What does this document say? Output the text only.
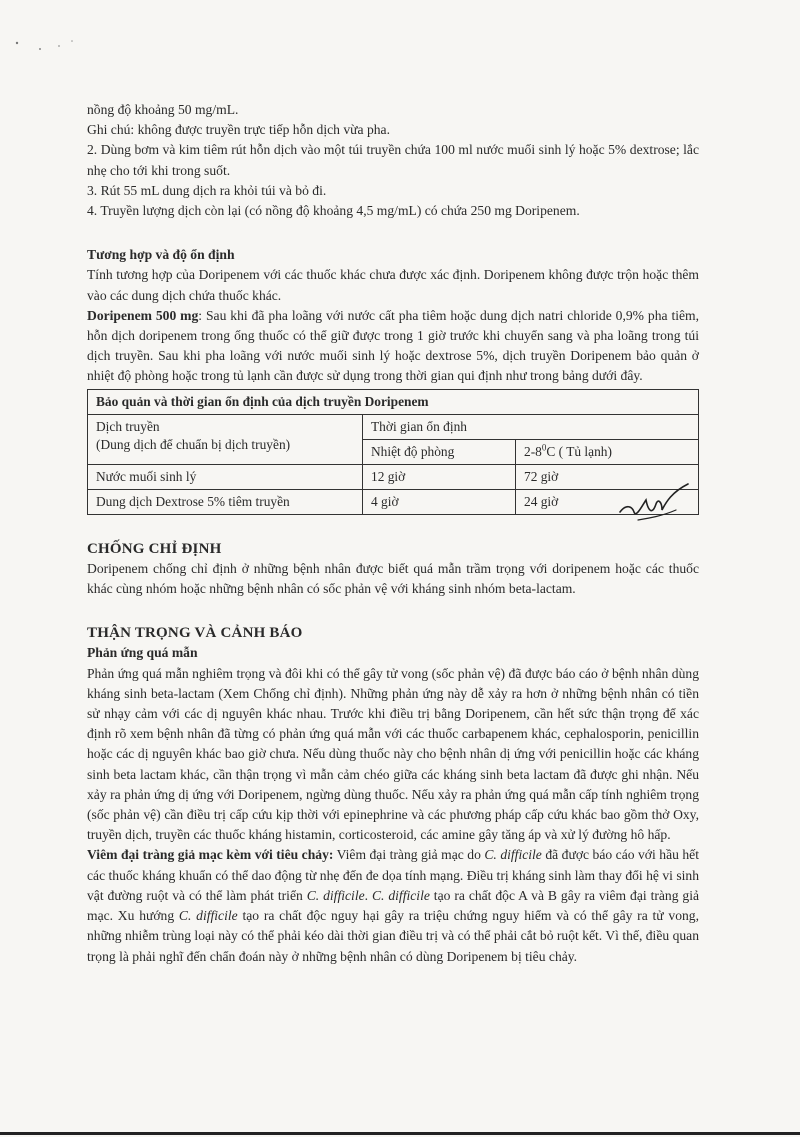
nồng độ khoảng 50 mg/mL.

Ghi chú: không được truyền trực tiếp hỗn dịch vừa pha.

2. Dùng bơm và kim tiêm rút hỗn dịch vào một túi truyền chứa 100 ml nước muối sinh lý hoặc 5% dextrose; lắc nhẹ cho tới khi trong suốt.

3. Rút 55 mL dung dịch ra khỏi túi và bỏ đi.

4. Truyền lượng dịch còn lại (có nồng độ khoảng 4,5 mg/mL) có chứa 250 mg Doripenem.

Tương hợp và độ ổn định

Tính tương hợp của Doripenem với các thuốc khác chưa được xác định. Doripenem không được trộn hoặc thêm vào các dung dịch chứa thuốc khác.

Doripenem 500 mg: Sau khi đã pha loãng với nước cất pha tiêm hoặc dung dịch natri chloride 0,9% pha tiêm, hỗn dịch doripenem trong ống thuốc có thể giữ được trong 1 giờ trước khi chuyển sang và pha loãng trong túi dịch truyền. Sau khi pha loãng với nước muối sinh lý hoặc dextrose 5%, dịch truyền Doripenem bảo quản ở nhiệt độ phòng hoặc trong tủ lạnh cần được sử dụng trong thời gian qui định như trong bảng dưới đây.

Bảo quản và thời gian ổn định của dịch truyền Doripenem		

Dịch truyền
(Dung dịch để chuẩn bị dịch truyền)	Thời gian ổn định	
	Nhiệt độ phòng	$2-8^0C$ ( Tủ lạnh)
Nước muối sinh lý	12 giờ	72 giờ
Dung dịch Dextrose 5% tiêm truyền	4 giờ	24 giờ

CHỐNG CHỈ ĐỊNH

Doripenem chống chỉ định ở những bệnh nhân được biết quá mẫn trầm trọng với doripenem hoặc các thuốc khác cùng nhóm hoặc những bệnh nhân có sốc phản vệ với kháng sinh nhóm beta-lactam.

THẬN TRỌNG VÀ CẢNH BÁO

Phản ứng quá mẫn

Phản ứng quá mẫn nghiêm trọng và đôi khi có thể gây tử vong (sốc phản vệ) đã được báo cáo ở bệnh nhân dùng kháng sinh beta-lactam (Xem Chống chỉ định). Những phản ứng này dễ xảy ra hơn ở những bệnh nhân có tiền sử nhạy cảm với các dị nguyên khác nhau. Trước khi điều trị bằng Doripenem, cần hết sức thận trọng để xác định rõ xem bệnh nhân đã từng có phản ứng quá mẫn với các thuốc carbapenem khác, cephalosporin, penicillin hoặc các dị nguyên khác bao giờ chưa. Nếu dùng thuốc này cho bệnh nhân dị ứng với penicillin hoặc các kháng sinh beta lactam khác, cần thận trọng vì mẫn cảm chéo giữa các kháng sinh beta lactam đã được ghi nhận. Nếu xảy ra phản ứng dị ứng với Doripenem, ngừng dùng thuốc. Nếu xảy ra phản ứng quá mẫn cấp tính nghiêm trọng (sốc phản vệ) cần điều trị cấp cứu kịp thời với epinephrine và các phương pháp cấp cứu khác bao gồm thở Oxy, truyền dịch, truyền các thuốc kháng histamin, corticosteroid, các amine gây tăng áp và xử lý đường hô hấp.

Viêm đại tràng giả mạc kèm với tiêu chảy: Viêm đại tràng giả mạc do C. difficile đã được báo cáo với hầu hết các thuốc kháng khuẩn có thể dao động từ nhẹ đến đe dọa tính mạng. Điều trị kháng sinh làm thay đổi hệ vi sinh vật đường ruột và có thể làm phát triển C. difficile. C. difficile tạo ra chất độc A và B gây ra viêm đại tràng giả mạc. Xu hướng C. difficile tạo ra chất độc nguy hại gây ra triệu chứng nguy hiểm và có thể gây ra tử vong, những nhiễm trùng loại này có thể phải kéo dài thời gian điều trị và có thể phải cắt bỏ ruột kết. Vì thế, điều quan trọng là phải nghĩ đến chẩn đoán này ở những bệnh nhân có dùng Doripenem bị tiêu chảy.
